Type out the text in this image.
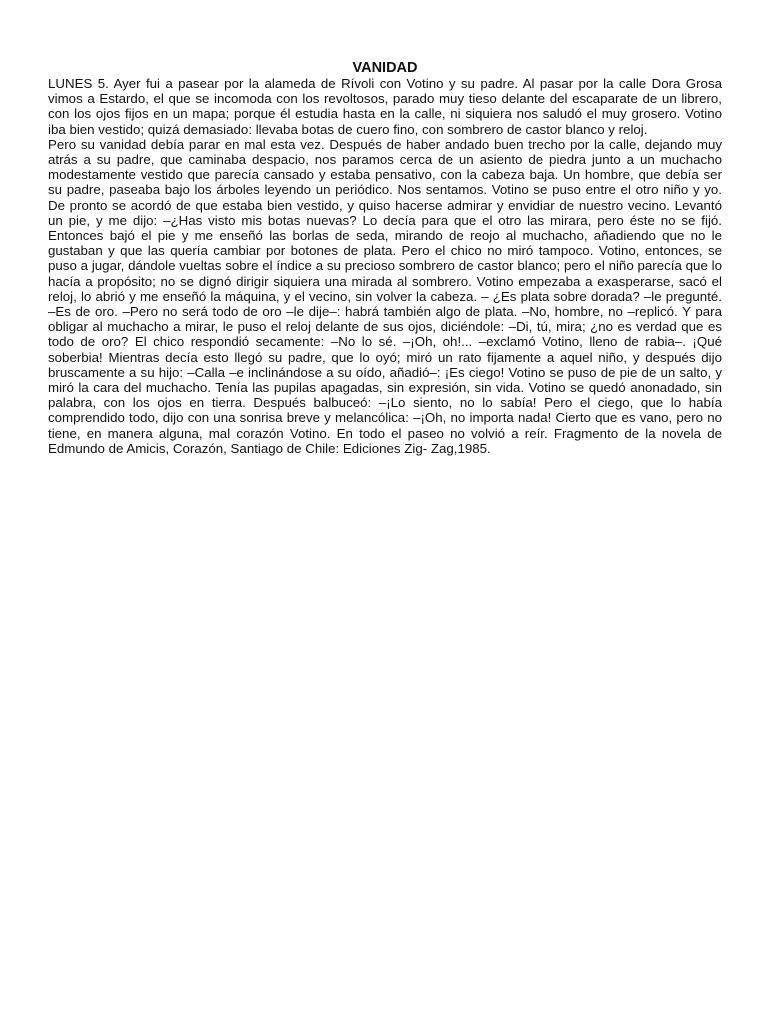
VANIDAD

LUNES 5. Ayer fui a pasear por la alameda de Rívoli con Votino y su padre. Al pasar por la calle Dora Grosa vimos a Estardo, el que se incomoda con los revoltosos, parado muy tieso delante del escaparate de un librero, con los ojos fijos en un mapa; porque él estudia hasta en la calle, ni siquiera nos saludó el muy grosero. Votino iba bien vestido; quizá demasiado: llevaba botas de cuero fino, con sombrero de castor blanco y reloj.

Pero su vanidad debía parar en mal esta vez. Después de haber andado buen trecho por la calle, dejando muy atrás a su padre, que caminaba despacio, nos paramos cerca de un asiento de piedra junto a un muchacho modestamente vestido que parecía cansado y estaba pensativo, con la cabeza baja. Un hombre, que debía ser su padre, paseaba bajo los árboles leyendo un periódico. Nos sentamos. Votino se puso entre el otro niño y yo. De pronto se acordó de que estaba bien vestido, y quiso hacerse admirar y envidiar de nuestro vecino. Levantó un pie, y me dijo: –¿Has visto mis botas nuevas? Lo decía para que el otro las mirara, pero éste no se fijó. Entonces bajó el pie y me enseñó las borlas de seda, mirando de reojo al muchacho, añadiendo que no le gustaban y que las quería cambiar por botones de plata. Pero el chico no miró tampoco. Votino, entonces, se puso a jugar, dándole vueltas sobre el índice a su precioso sombrero de castor blanco; pero el niño parecía que lo hacía a propósito; no se dignó dirigir siquiera una mirada al sombrero. Votino empezaba a exasperarse, sacó el reloj, lo abrió y me enseñó la máquina, y el vecino, sin volver la cabeza. – ¿Es plata sobre dorada? –le pregunté. –Es de oro. –Pero no será todo de oro –le dije–: habrá también algo de plata. –No, hombre, no –replicó. Y para obligar al muchacho a mirar, le puso el reloj delante de sus ojos, diciéndole: –Di, tú, mira; ¿no es verdad que es todo de oro? El chico respondió secamente: –No lo sé. –¡Oh, oh!... –exclamó Votino, lleno de rabia–. ¡Qué soberbia! Mientras decía esto llegó su padre, que lo oyó; miró un rato fijamente a aquel niño, y después dijo bruscamente a su hijo: –Calla –e inclinándose a su oído, añadió–: ¡Es ciego! Votino se puso de pie de un salto, y miró la cara del muchacho. Tenía las pupilas apagadas, sin expresión, sin vida. Votino se quedó anonadado, sin palabra, con los ojos en tierra. Después balbuceó: –¡Lo siento, no lo sabía! Pero el ciego, que lo había comprendido todo, dijo con una sonrisa breve y melancólica: –¡Oh, no importa nada! Cierto que es vano, pero no tiene, en manera alguna, mal corazón Votino. En todo el paseo no volvió a reír. Fragmento de la novela de Edmundo de Amicis, Corazón, Santiago de Chile: Ediciones Zig- Zag,1985.
